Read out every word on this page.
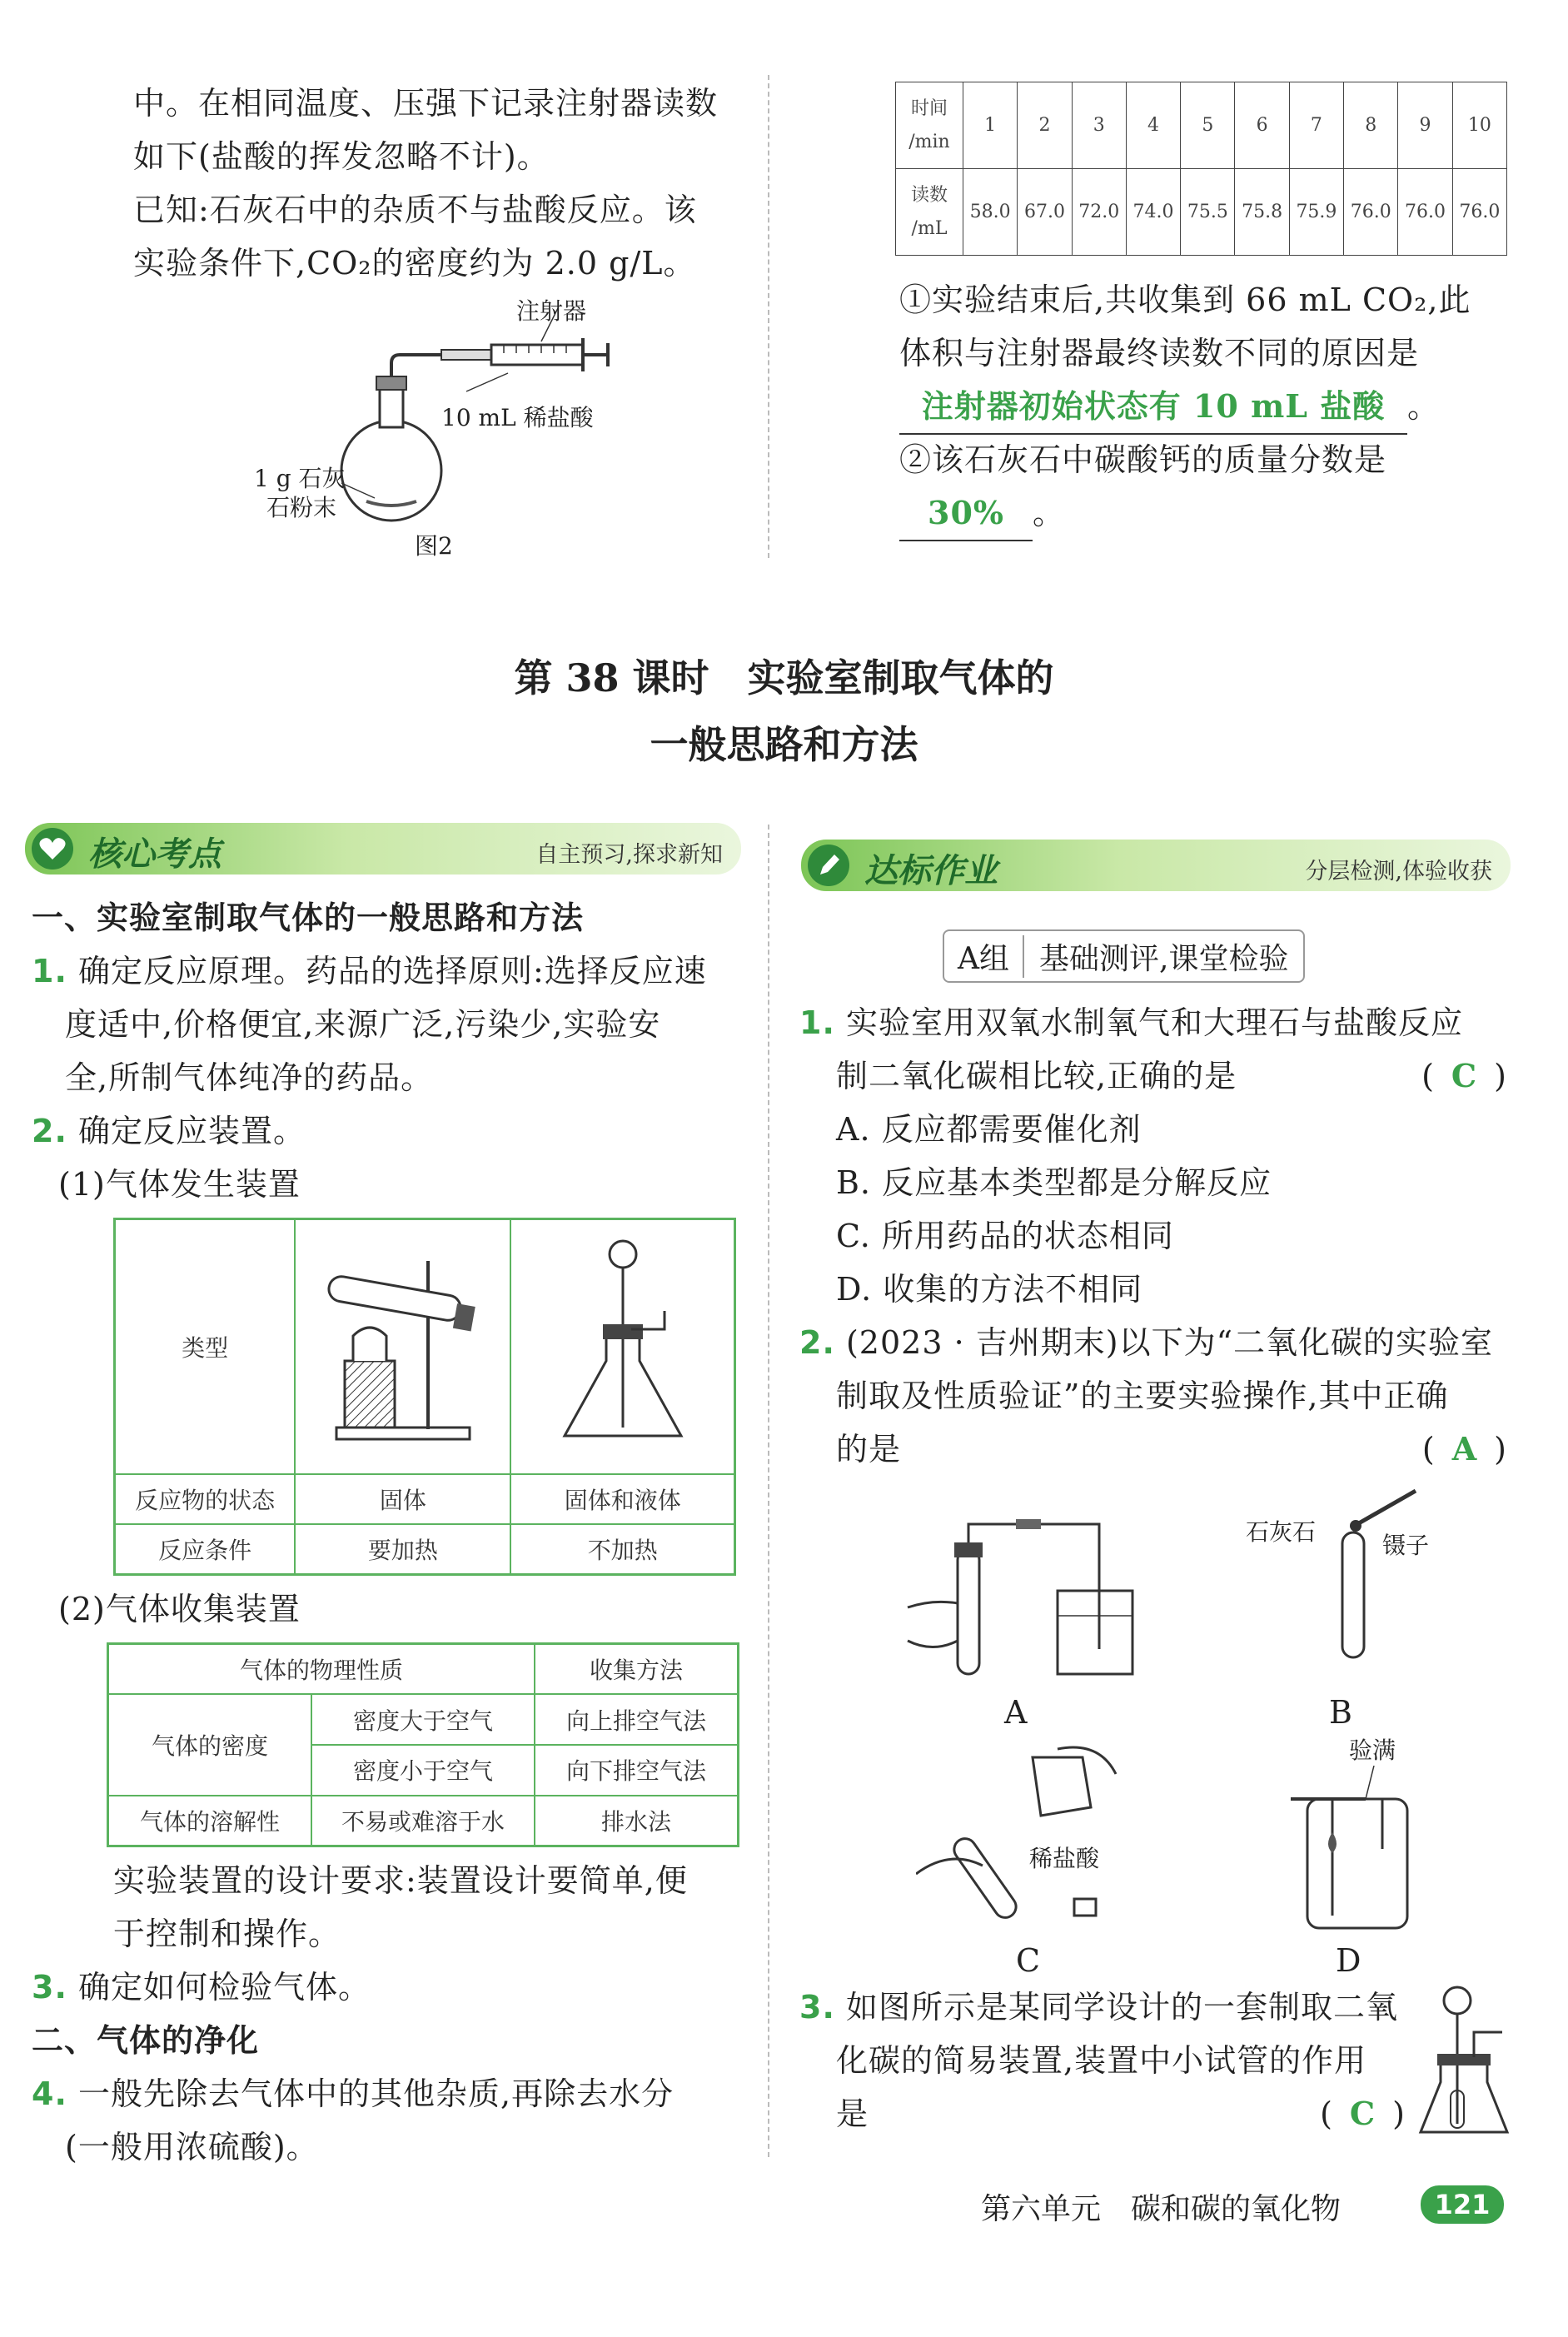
中。在相同温度、压强下记录注射器读数
如下(盐酸的挥发忽略不计)。
已知:石灰石中的杂质不与盐酸反应。该
实验条件下,CO₂的密度约为 2.0 g/L。
注射器
10 mL 稀盐酸
1 g 石灰
石粉末
图2
时间
/min	1	2	3	4	5	6	7	8	9	10

读数
/mL	58.0	67.0	72.0	74.0	75.5	75.8	75.9	76.0	76.0	76.0
①实验结束后,共收集到 66 mL CO₂,此
体积与注射器最终读数不同的原因是
注射器初始状态有 10 mL 盐酸 。
②该石灰石中碳酸钙的质量分数是
30% 。
第 38 课时　实验室制取气体的
一般思路和方法
核心考点	自主预习,探求新知	达标作业	分层检测,体验收获
一、实验室制取气体的一般思路和方法
1. 确定反应原理。药品的选择原则:选择反应速
度适中,价格便宜,来源广泛,污染少,实验安
全,所制气体纯净的药品。
2. 确定反应装置。
(1)气体发生装置
类型		
反应物的状态	固体	固体和液体
反应条件	要加热	不加热
(2)气体收集装置
气体的物理性质		收集方法
气体的密度	密度大于空气	向上排空气法
	密度小于空气	向下排空气法
气体的溶解性	不易或难溶于水	排水法
实验装置的设计要求:装置设计要简单,便
于控制和操作。
3. 确定如何检验气体。
二、气体的净化
4. 一般先除去气体中的其他杂质,再除去水分
(一般用浓硫酸)。
A组	基础测评,课堂检验
1. 实验室用双氧水制氧气和大理石与盐酸反应
制二氧化碳相比较,正确的是	(  C  )
A. 反应都需要催化剂
B. 反应基本类型都是分解反应
C. 所用药品的状态相同
D. 收集的方法不相同
2. (2023 · 吉州期末)以下为“二氧化碳的实验室
制取及性质验证”的主要实验操作,其中正确
的是	(  A  )
A
石灰石	镊子
B
稀盐酸
C
验满
D
3. 如图所示是某同学设计的一套制取二氧
化碳的简易装置,装置中小试管的作用
是	(  C  )
第六单元　碳和碳的氧化物	121
